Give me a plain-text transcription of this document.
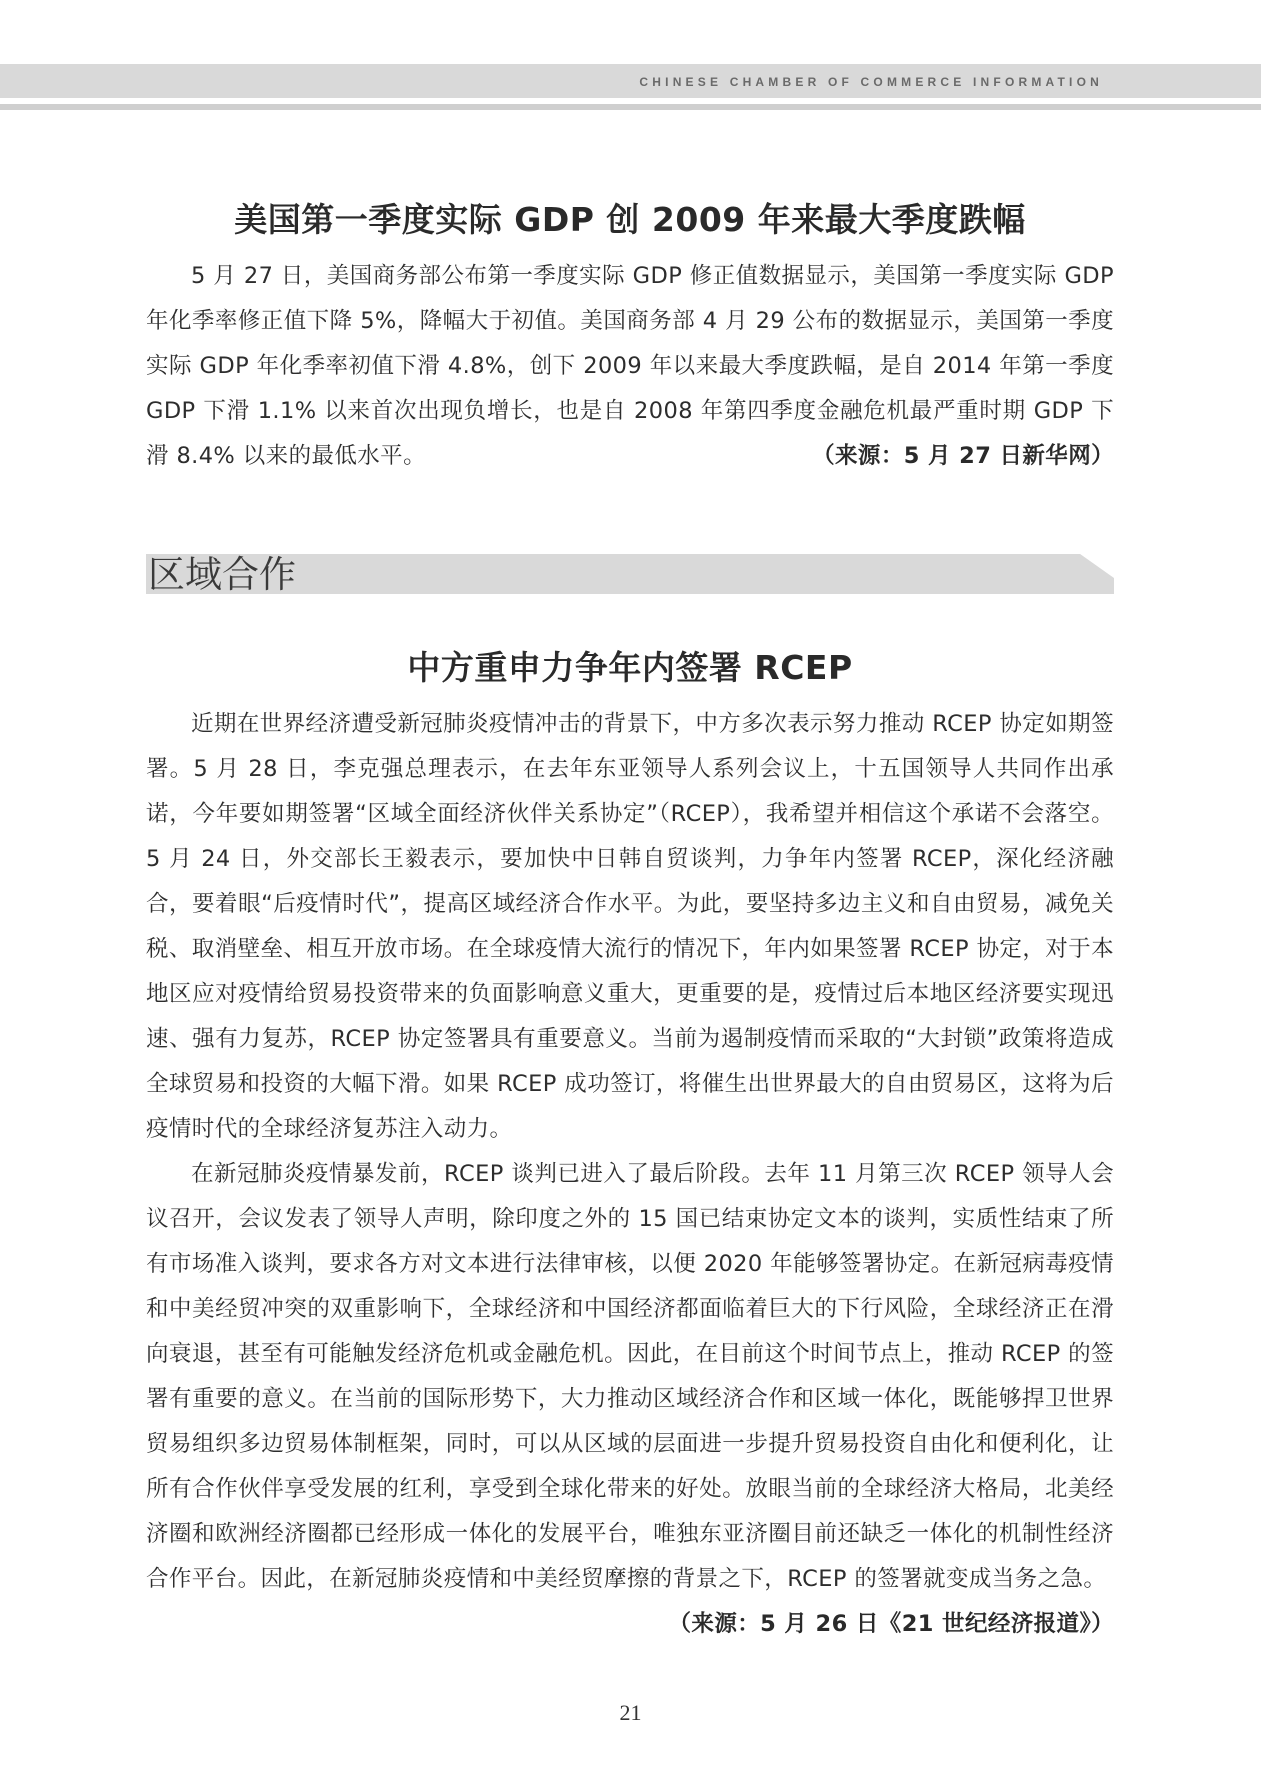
CHINESE CHAMBER OF COMMERCE INFORMATION
美国第一季度实际 GDP 创 2009 年来最大季度跌幅

5 月 27 日，美国商务部公布第一季度实际 GDP 修正值数据显示，美国第一季度实际 GDP 年化季率修正值下降 5%，降幅大于初值。美国商务部 4 月 29 公布的数据显示，美国第一季度实际 GDP 年化季率初值下滑 4.8%，创下 2009 年以来最大季度跌幅，是自 2014 年第一季度 GDP 下滑 1.1% 以来首次出现负增长，也是自 2008 年第四季度金融危机最严重时期 GDP 下滑 8.4% 以来的最低水平。	（来源：5 月 27 日新华网）

区域合作
中方重申力争年内签署 RCEP

近期在世界经济遭受新冠肺炎疫情冲击的背景下，中方多次表示努力推动 RCEP 协定如期签署。5 月 28 日，李克强总理表示，在去年东亚领导人系列会议上，十五国领导人共同作出承诺，今年要如期签署“区域全面经济伙伴关系协定”（RCEP），我希望并相信这个承诺不会落空。5 月 24 日，外交部长王毅表示，要加快中日韩自贸谈判，力争年内签署 RCEP，深化经济融合，要着眼“后疫情时代”，提高区域经济合作水平。为此，要坚持多边主义和自由贸易，减免关税、取消壁垒、相互开放市场。在全球疫情大流行的情况下，年内如果签署 RCEP 协定，对于本地区应对疫情给贸易投资带来的负面影响意义重大，更重要的是，疫情过后本地区经济要实现迅速、强有力复苏，RCEP 协定签署具有重要意义。当前为遏制疫情而采取的“大封锁”政策将造成全球贸易和投资的大幅下滑。如果 RCEP 成功签订，将催生出世界最大的自由贸易区，这将为后疫情时代的全球经济复苏注入动力。

在新冠肺炎疫情暴发前，RCEP 谈判已进入了最后阶段。去年 11 月第三次 RCEP 领导人会议召开，会议发表了领导人声明，除印度之外的 15 国已结束协定文本的谈判，实质性结束了所有市场准入谈判，要求各方对文本进行法律审核，以便 2020 年能够签署协定。在新冠病毒疫情和中美经贸冲突的双重影响下，全球经济和中国经济都面临着巨大的下行风险，全球经济正在滑向衰退，甚至有可能触发经济危机或金融危机。因此，在目前这个时间节点上，推动 RCEP 的签署有重要的意义。在当前的国际形势下，大力推动区域经济合作和区域一体化，既能够捍卫世界贸易组织多边贸易体制框架，同时，可以从区域的层面进一步提升贸易投资自由化和便利化，让所有合作伙伴享受发展的红利，享受到全球化带来的好处。放眼当前的全球经济大格局，北美经济圈和欧洲经济圈都已经形成一体化的发展平台，唯独东亚济圈目前还缺乏一体化的机制性经济合作平台。因此，在新冠肺炎疫情和中美经贸摩擦的背景之下，RCEP 的签署就变成当务之急。
（来源：5 月 26 日《21 世纪经济报道》）

21
